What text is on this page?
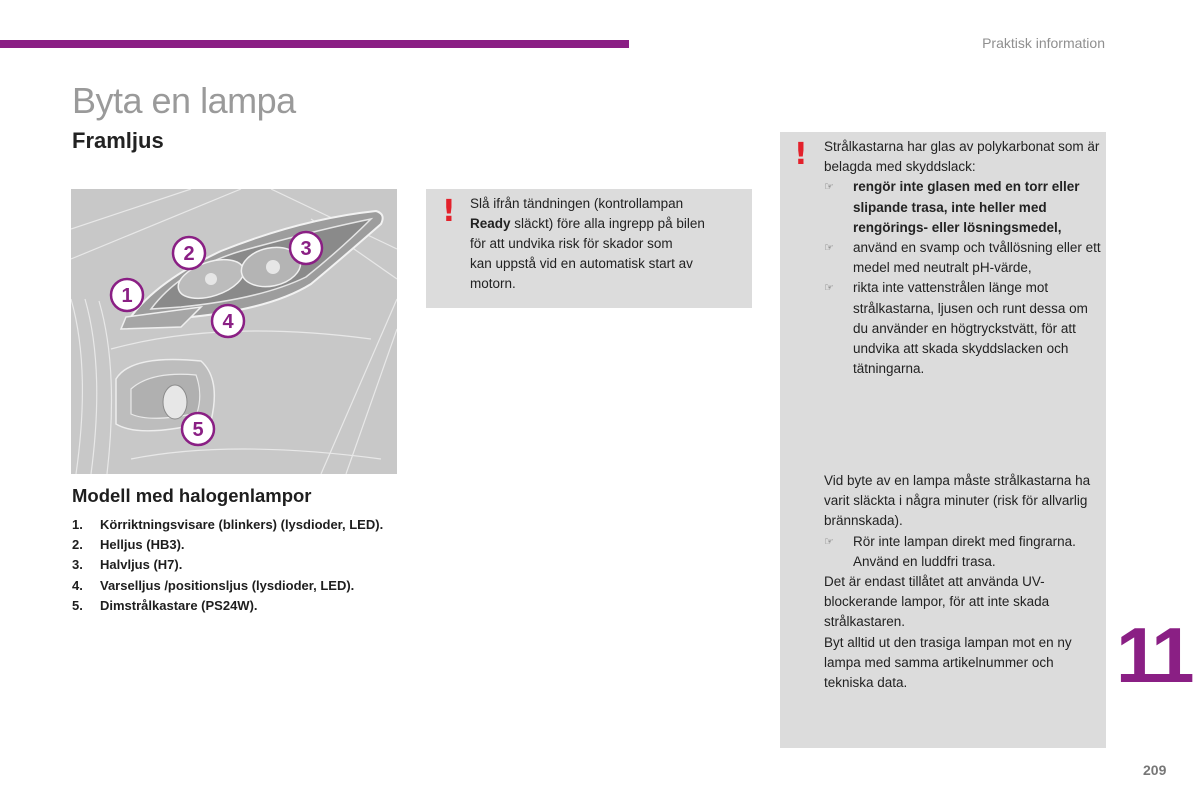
Praktisk information
Byta en lampa
Framljus
2	3
1
4
5
! Slå ifrån tändningen (kontrollampan
Ready släckt) före alla ingrepp på bilen
för att undvika risk för skador som
kan uppstå vid en automatisk start av
motorn.

Modell med halogenlampor
1.	Körriktningsvisare (blinkers) (lysdioder, LED).
2.	Helljus (HB3).
3.	Halvljus (H7).
4.	Varselljus /positionsljus (lysdioder, LED).
5.	Dimstrålkastare (PS24W).
! Strålkastarna har glas av polykarbonat som är belagda med skyddslack:

☞ rengör inte glasen med en torr eller slipande trasa, inte heller med rengörings- eller lösningsmedel,
☞ använd en svamp och tvållösning eller ett medel med neutralt pH-värde,
☞ rikta inte vattenstrålen länge mot strålkastarna, ljusen och runt dessa om du använder en högtryckstvätt, för att undvika att skada skyddslacken och tätningarna.

Vid byte av en lampa måste strålkastarna ha varit släckta i några minuter (risk för allvarlig brännskada).

☞ Rör inte lampan direkt med fingrarna. Använd en luddfri trasa.

Det är endast tillåtet att använda UV-blockerande lampor, för att inte skada strålkastaren.

Byt alltid ut den trasiga lampan mot en ny lampa med samma artikelnummer och tekniska data.	11
209
